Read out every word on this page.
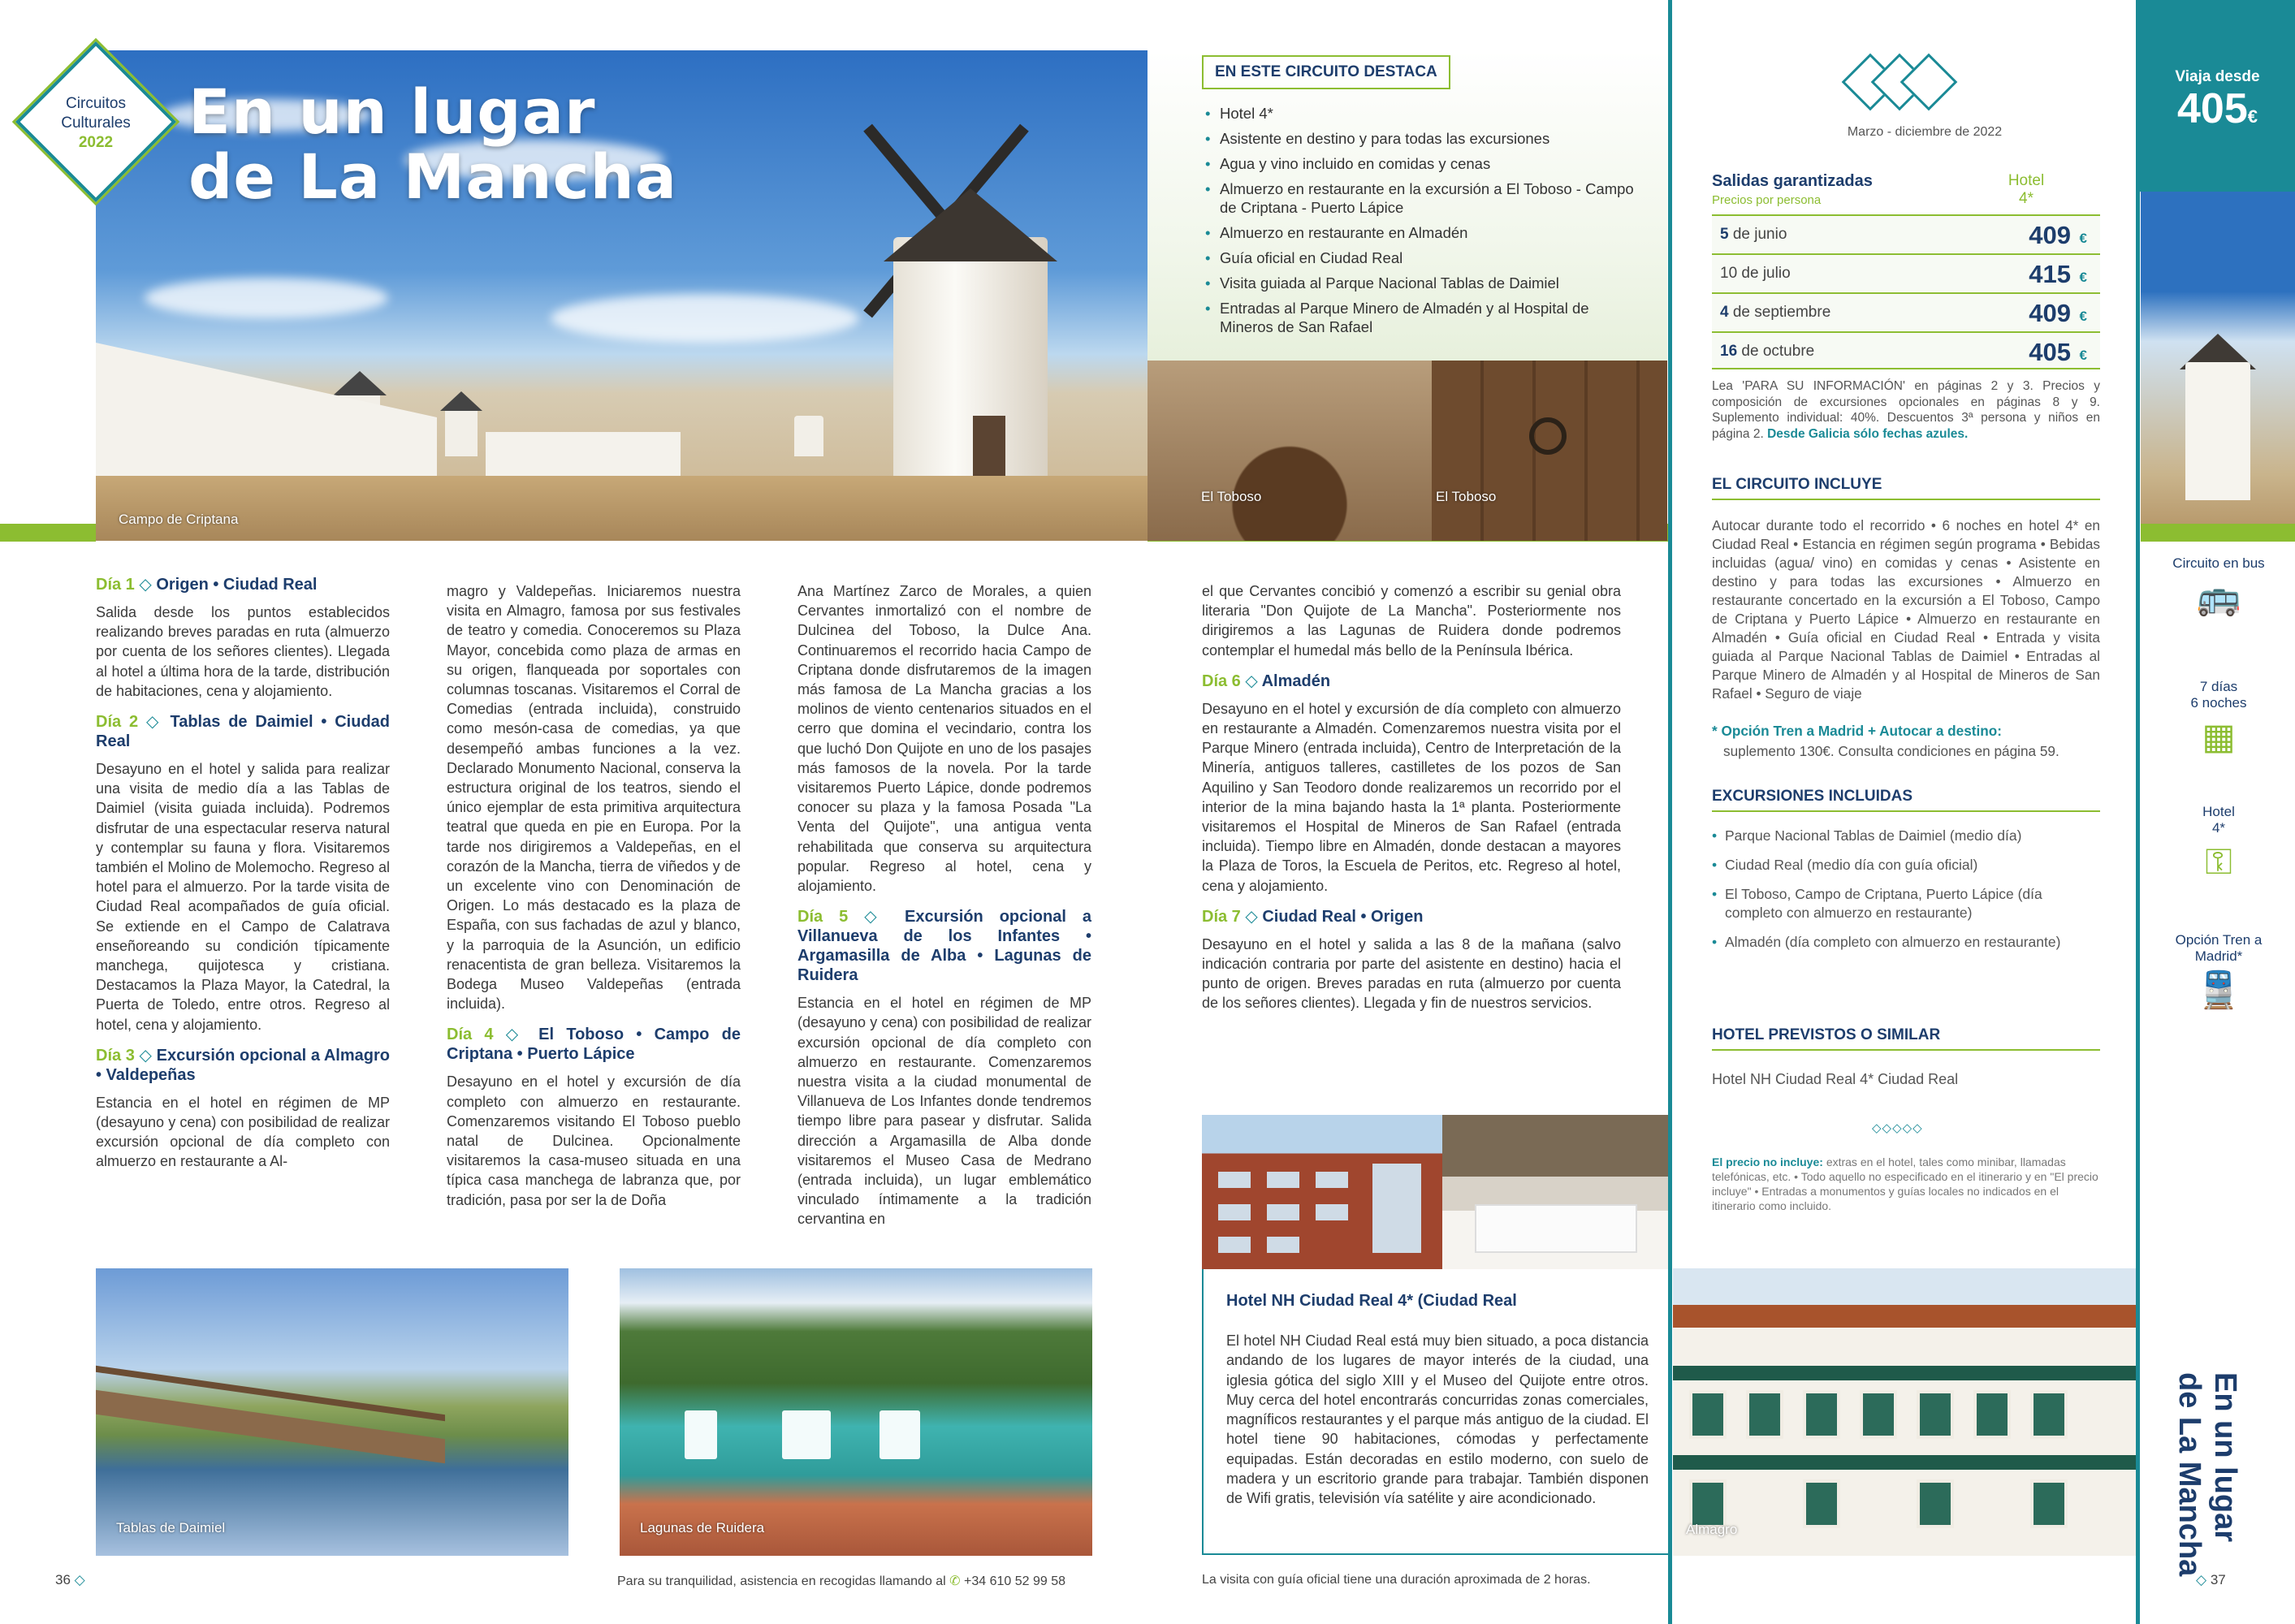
Campo de Criptana
Circuitos
Culturales
2022	En un lugar
de La Mancha
EN ESTE CIRCUITO DESTACA
• Hotel 4*
• Asistente en destino y para todas las excursiones
• Agua y vino incluido en comidas y cenas
• Almuerzo en restaurante en la excursión a El Toboso - Campo de Criptana - Puerto Lápice
• Almuerzo en restaurante en Almadén
• Guía oficial en Ciudad Real
• Visita guiada al Parque Nacional Tablas de Daimiel
• Entradas al Parque Minero de Almadén y al Hospital de Mineros de San Rafael
El Toboso	El Toboso
Día 1 ◇ Origen • Ciudad Real

Salida desde los puntos establecidos realizando breves paradas en ruta (almuerzo por cuenta de los señores clientes). Llegada al hotel a última hora de la tarde, distribución de habitaciones, cena y alojamiento.

Día 2 ◇ Tablas de Daimiel • Ciudad Real

Desayuno en el hotel y salida para realizar una visita de medio día a las Tablas de Daimiel (visita guiada incluida). Podremos disfrutar de una espectacular reserva natural y contemplar su fauna y flora. Visitaremos también el Molino de Molemocho. Regreso al hotel para el almuerzo. Por la tarde visita de Ciudad Real acompañados de guía oficial. Se extiende en el Campo de Calatrava enseñoreando su condición típicamente manchega, quijotesca y cristiana. Destacamos la Plaza Mayor, la Catedral, la Puerta de Toledo, entre otros. Regreso al hotel, cena y alojamiento.

Día 3 ◇ Excursión opcional a Almagro • Valdepeñas

Estancia en el hotel en régimen de MP (desayuno y cena) con posibilidad de realizar excursión opcional de día completo con almuerzo en restaurante a Al-

magro y Valdepeñas. Iniciaremos nuestra visita en Almagro, famosa por sus festivales de teatro y comedia. Conoceremos su Plaza Mayor, concebida como plaza de armas en su origen, flanqueada por soportales con columnas toscanas. Visitaremos el Corral de Comedias (entrada incluida), construido como mesón-casa de comedias, ya que desempeñó ambas funciones a la vez. Declarado Monumento Nacional, conserva la estructura original de los teatros, siendo el único ejemplar de esta primitiva arquitectura teatral que queda en pie en Europa. Por la tarde nos dirigiremos a Valdepeñas, en el corazón de la Mancha, tierra de viñedos y de un excelente vino con Denominación de Origen. Lo más destacado es la plaza de España, con sus fachadas de azul y blanco, y la parroquia de la Asunción, un edificio renacentista de gran belleza. Visitaremos la Bodega Museo Valdepeñas (entrada incluida).

Día 4 ◇ El Toboso • Campo de Criptana • Puerto Lápice

Desayuno en el hotel y excursión de día completo con almuerzo en restaurante. Comenzaremos visitando El Toboso pueblo natal de Dulcinea. Opcionalmente visitaremos la casa-museo situada en una típica casa manchega de labranza que, por tradición, pasa por ser la de Doña

Ana Martínez Zarco de Morales, a quien Cervantes inmortalizó con el nombre de Dulcinea del Toboso, la Dulce Ana. Continuaremos el recorrido hacia Campo de Criptana donde disfrutaremos de la imagen más famosa de La Mancha gracias a los molinos de viento centenarios situados en el cerro que domina el vecindario, contra los que luchó Don Quijote en uno de los pasajes más famosos de la novela. Por la tarde visitaremos Puerto Lápice, donde podremos conocer su plaza y la famosa Posada "La Venta del Quijote", una antigua venta rehabilitada que conserva su arquitectura popular. Regreso al hotel, cena y alojamiento.

Día 5 ◇ Excursión opcional a Villanueva de los Infantes • Argamasilla de Alba • Lagunas de Ruidera

Estancia en el hotel en régimen de MP (desayuno y cena) con posibilidad de realizar excursión opcional de día completo con almuerzo en restaurante. Comenzaremos nuestra visita a la ciudad monumental de Villanueva de Los Infantes donde tendremos tiempo libre para pasear y disfrutar. Salida dirección a Argamasilla de Alba donde visitaremos el Museo Casa de Medrano (entrada incluida), un lugar emblemático vinculado íntimamente a la tradición cervantina en

el que Cervantes concibió y comenzó a escribir su genial obra literaria "Don Quijote de La Mancha". Posteriormente nos dirigiremos a las Lagunas de Ruidera donde podremos contemplar el humedal más bello de la Península Ibérica.

Día 6 ◇ Almadén

Desayuno en el hotel y excursión de día completo con almuerzo en restaurante a Almadén. Comenzaremos nuestra visita por el Parque Minero (entrada incluida), Centro de Interpretación de la Minería, antiguos talleres, castilletes de los pozos de San Aquilino y San Teodoro donde realizaremos un recorrido por el interior de la mina bajando hasta la 1ª planta. Posteriormente visitaremos el Hospital de Mineros de San Rafael (entrada incluida). Tiempo libre en Almadén, donde destacan a mayores la Plaza de Toros, la Escuela de Peritos, etc. Regreso al hotel, cena y alojamiento.

Día 7 ◇ Ciudad Real • Origen

Desayuno en el hotel y salida a las 8 de la mañana (salvo indicación contraria por parte del asistente en destino) hacia el punto de origen. Breves paradas en ruta (almuerzo por cuenta de los señores clientes). Llegada y fin de nuestros servicios.

Tablas de Daimiel	Lagunas de Ruidera
Hotel NH Ciudad Real 4* (Ciudad Real

El hotel NH Ciudad Real está muy bien situado, a poca distancia andando de los lugares de mayor interés de la ciudad, una iglesia gótica del siglo XIII y el Museo del Quijote entre otros. Muy cerca del hotel encontrarás concurridas zonas comerciales, magníficos restaurantes y el parque más antiguo de la ciudad. El hotel tiene 90 habitaciones, cómodas y perfectamente equipadas. Están decoradas en estilo moderno, con suelo de madera y un escritorio grande para trabajar. También disponen de Wifi gratis, televisión vía satélite y aire acondicionado.

Almagro
Marzo - diciembre de 2022
Salidas garantizadas
Precios por persona
Hotel
4*
5 de junio	409 €
10 de julio	415 €
4 de septiembre	409 €
16 de octubre	405 €
Lea 'PARA SU INFORMACIÓN' en páginas 2 y 3. Precios y composición de excursiones opcionales en páginas 8 y 9. Suplemento individual: 40%. Descuentos 3ª persona y niños en página 2. Desde Galicia sólo fechas azules.
EL CIRCUITO INCLUYE
Autocar durante todo el recorrido • 6 noches en hotel 4* en Ciudad Real • Estancia en régimen según programa • Bebidas incluidas (agua/ vino) en comidas y cenas • Asistente en destino y para todas las excursiones • Almuerzo en restaurante concertado en la excursión a El Toboso, Campo de Criptana y Puerto Lápice • Almuerzo en restaurante en Almadén • Guía oficial en Ciudad Real • Entrada y visita guiada al Parque Nacional Tablas de Daimiel • Entradas al Parque Minero de Almadén y al Hospital de Mineros de San Rafael • Seguro de viaje
* Opción Tren a Madrid + Autocar a destino:
suplemento 130€. Consulta condiciones en página 59.
EXCURSIONES INCLUIDAS
• Parque Nacional Tablas de Daimiel (medio día)
• Ciudad Real (medio día con guía oficial)
• El Toboso, Campo de Criptana, Puerto Lápice (día completo con almuerzo en restaurante)
• Almadén (día completo con almuerzo en restaurante)
HOTEL PREVISTOS O SIMILAR
Hotel NH Ciudad Real 4* Ciudad Real
◇◇◇◇◇
El precio no incluye: extras en el hotel, tales como minibar, llamadas telefónicas, etc. • Todo aquello no especificado en el itinerario y en "El precio incluye" • Entradas a monumentos y guías locales no indicados en el itinerario como incluido.
Viaja desde
405€
Circuito en bus
🚌
7 días
6 noches
▦
Hotel
4*
⚿
Opción Tren a Madrid*
🚆
En un lugar
de La Mancha
36 ◇	Para su tranquilidad, asistencia en recogidas llamando al ✆ +34 610 52 99 58	La visita con guía oficial tiene una duración aproximada de 2 horas.	◇ 37
